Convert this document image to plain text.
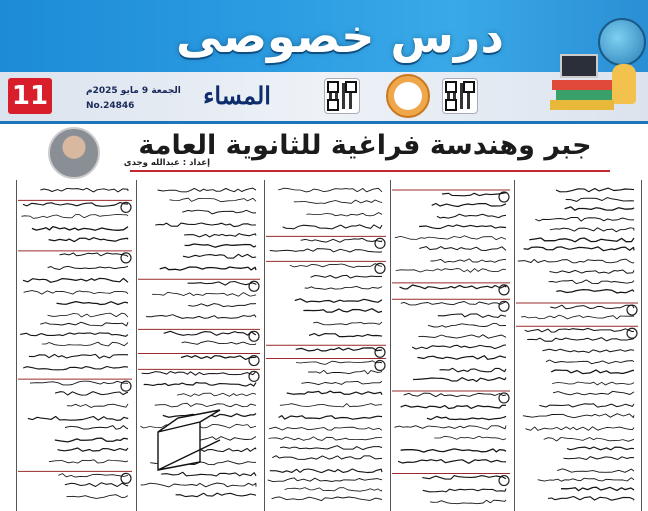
درس خصوصى
11	الجمعة 9 مايو 2025م
No.24846	المساء
جبر وهندسة فراغية للثانوية العامة
إعداد : عبدالله وجدى
